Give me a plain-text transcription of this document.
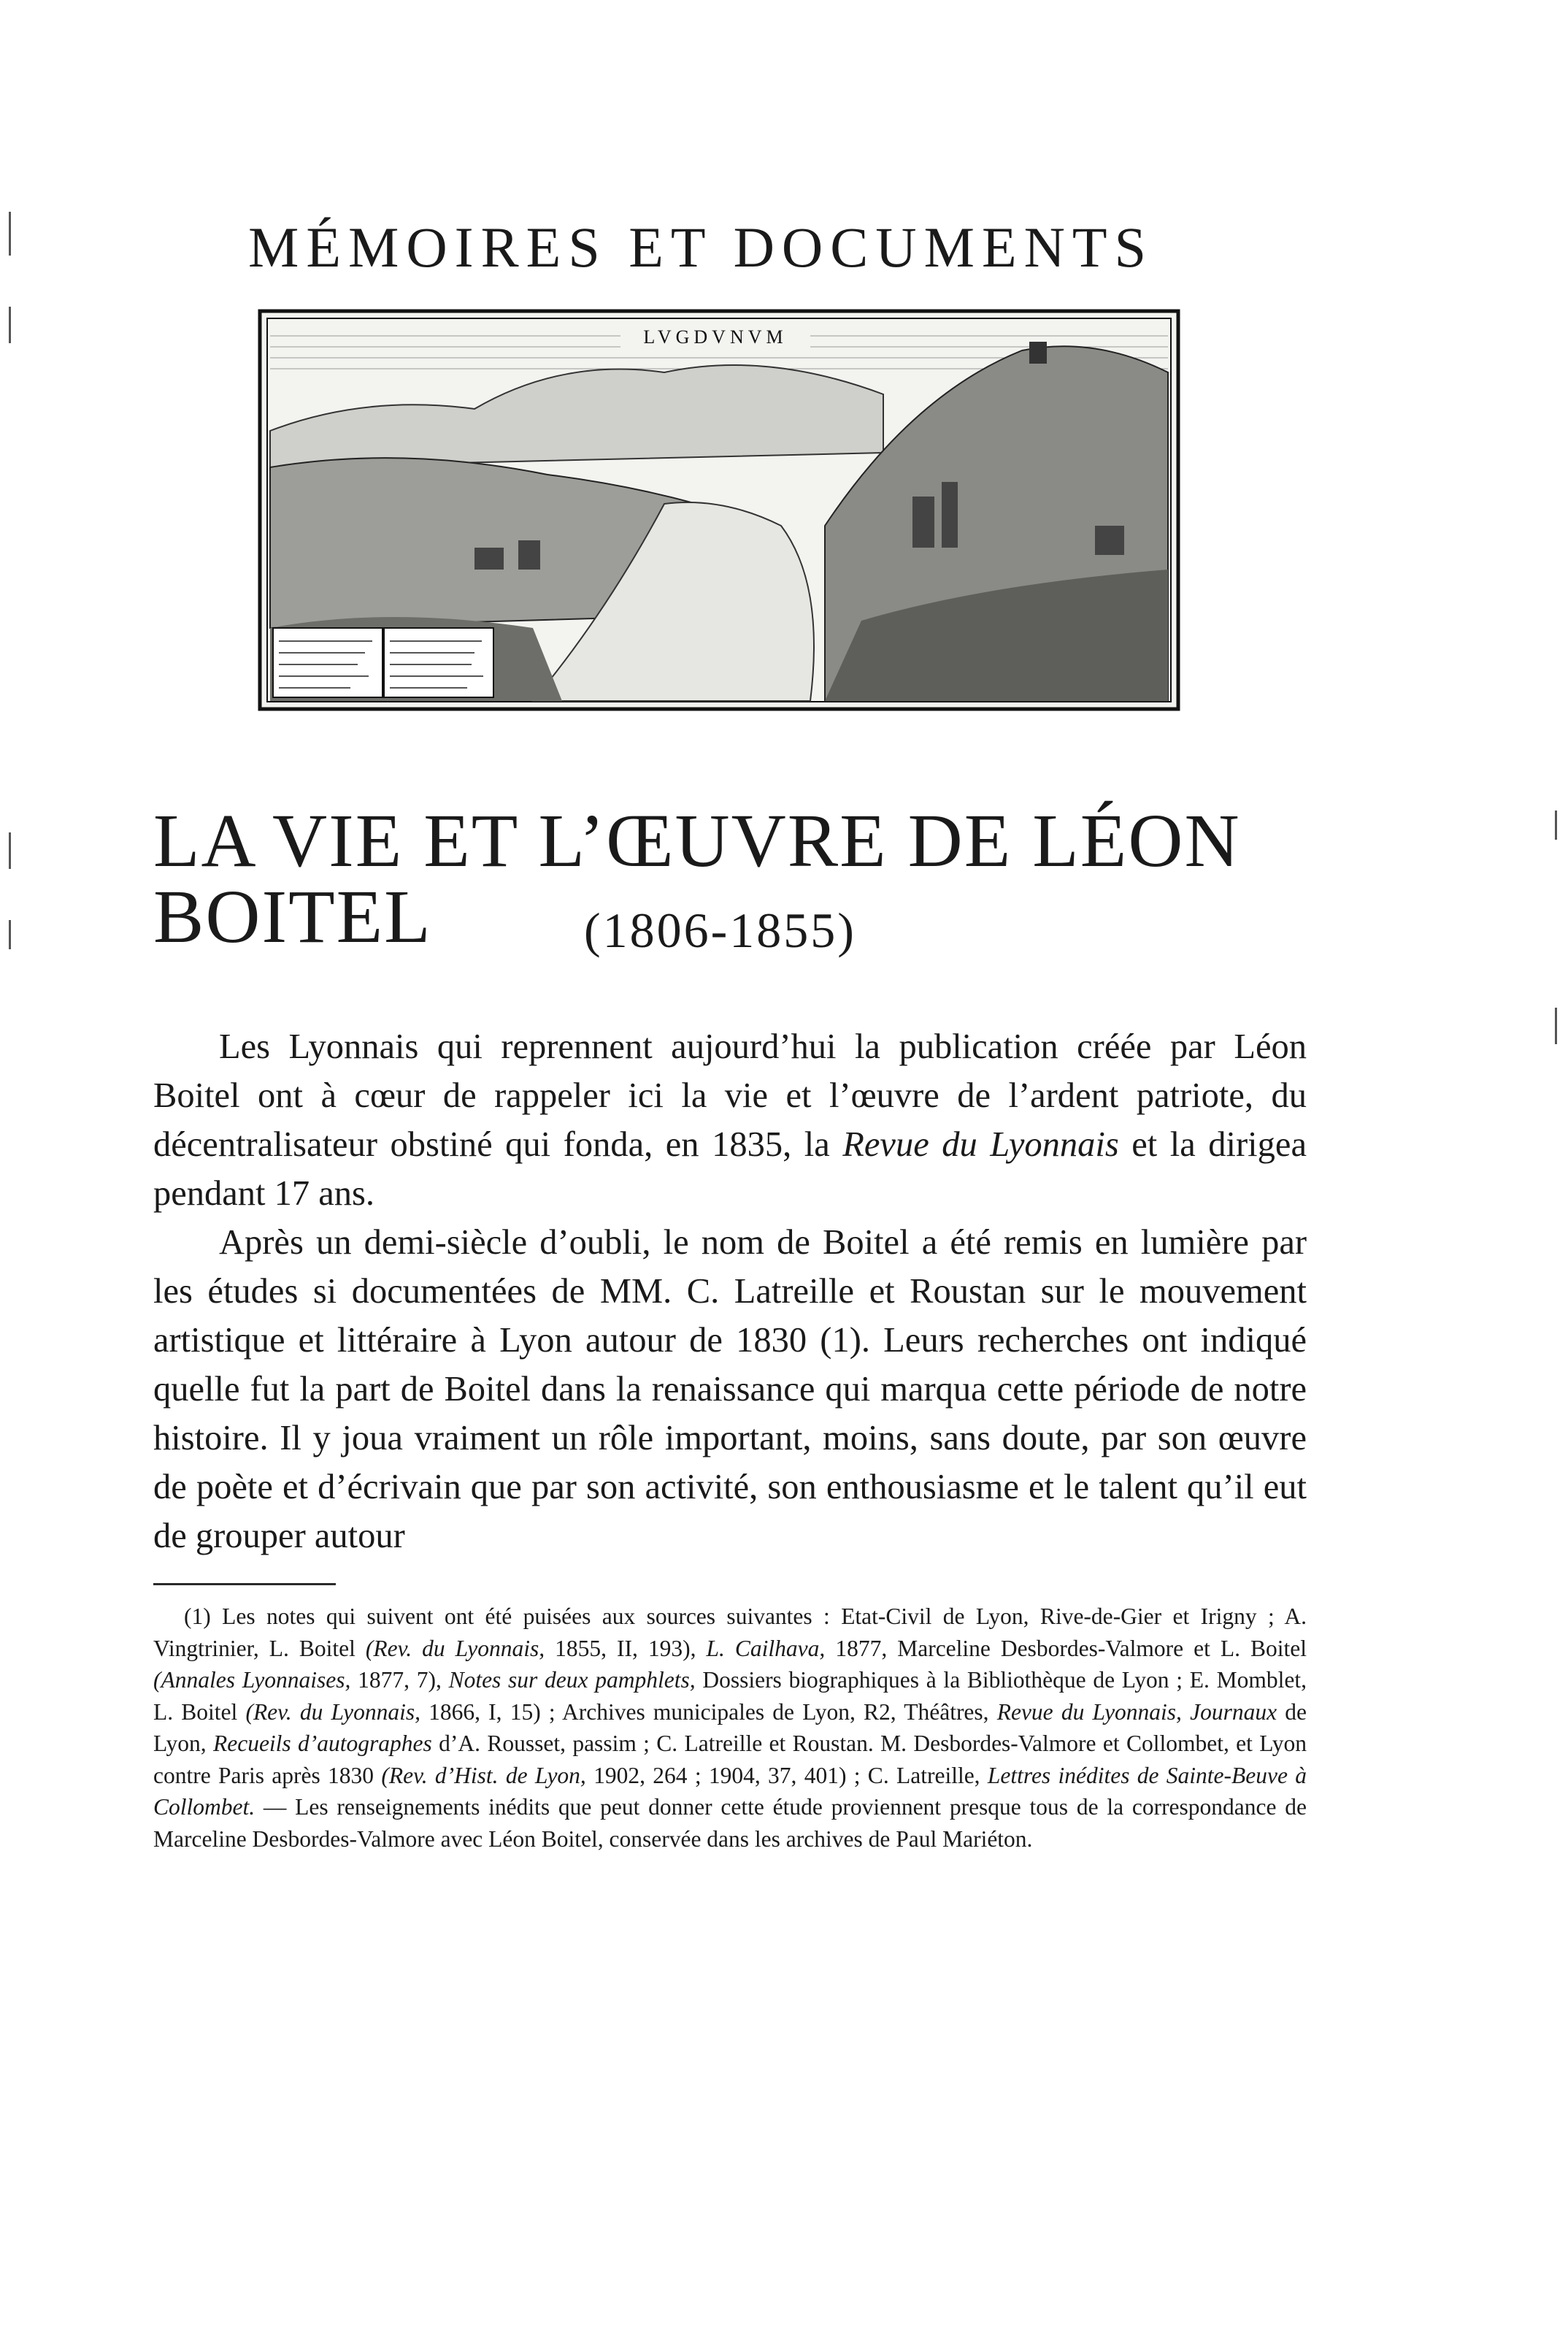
MÉMOIRES ET DOCUMENTS
LVGDVNVM
LA VIE ET L’ŒUVRE DE LÉON BOITEL	(1806-1855)

Les Lyonnais qui reprennent aujourd’hui la publication créée par Léon Boitel ont à cœur de rappeler ici la vie et l’œuvre de l’ardent patriote, du décentralisateur obstiné qui fonda, en 1835, la Revue du Lyonnais et la dirigea pendant 17 ans.

Après un demi-siècle d’oubli, le nom de Boitel a été remis en lumière par les études si documentées de MM. C. Latreille et Roustan sur le mouvement artistique et littéraire à Lyon autour de 1830 (1). Leurs recherches ont indiqué quelle fut la part de Boitel dans la renaissance qui marqua cette période de notre histoire. Il y joua vraiment un rôle important, moins, sans doute, par son œuvre de poète et d’écrivain que par son activité, son enthousiasme et le talent qu’il eut de grouper autour

(1) Les notes qui suivent ont été puisées aux sources suivantes : Etat-Civil de Lyon, Rive-de-Gier et Irigny ; A. Vingtrinier, L. Boitel (Rev. du Lyonnais, 1855, II, 193), L. Cailhava, 1877, Marceline Desbordes-Valmore et L. Boitel (Annales Lyonnaises, 1877, 7), Notes sur deux pamphlets, Dossiers biographiques à la Bibliothèque de Lyon ; E. Momblet, L. Boitel (Rev. du Lyonnais, 1866, I, 15) ; Archives municipales de Lyon, R2, Théâtres, Revue du Lyonnais, Journaux de Lyon, Recueils d’autographes d’A. Rousset, passim ; C. Latreille et Roustan. M. Desbordes-Valmore et Collombet, et Lyon contre Paris après 1830 (Rev. d’Hist. de Lyon, 1902, 264 ; 1904, 37, 401) ; C. Latreille, Lettres inédites de Sainte-Beuve à Collombet. — Les renseignements inédits que peut donner cette étude proviennent presque tous de la correspondance de Marceline Desbordes-Valmore avec Léon Boitel, conservée dans les archives de Paul Mariéton.
